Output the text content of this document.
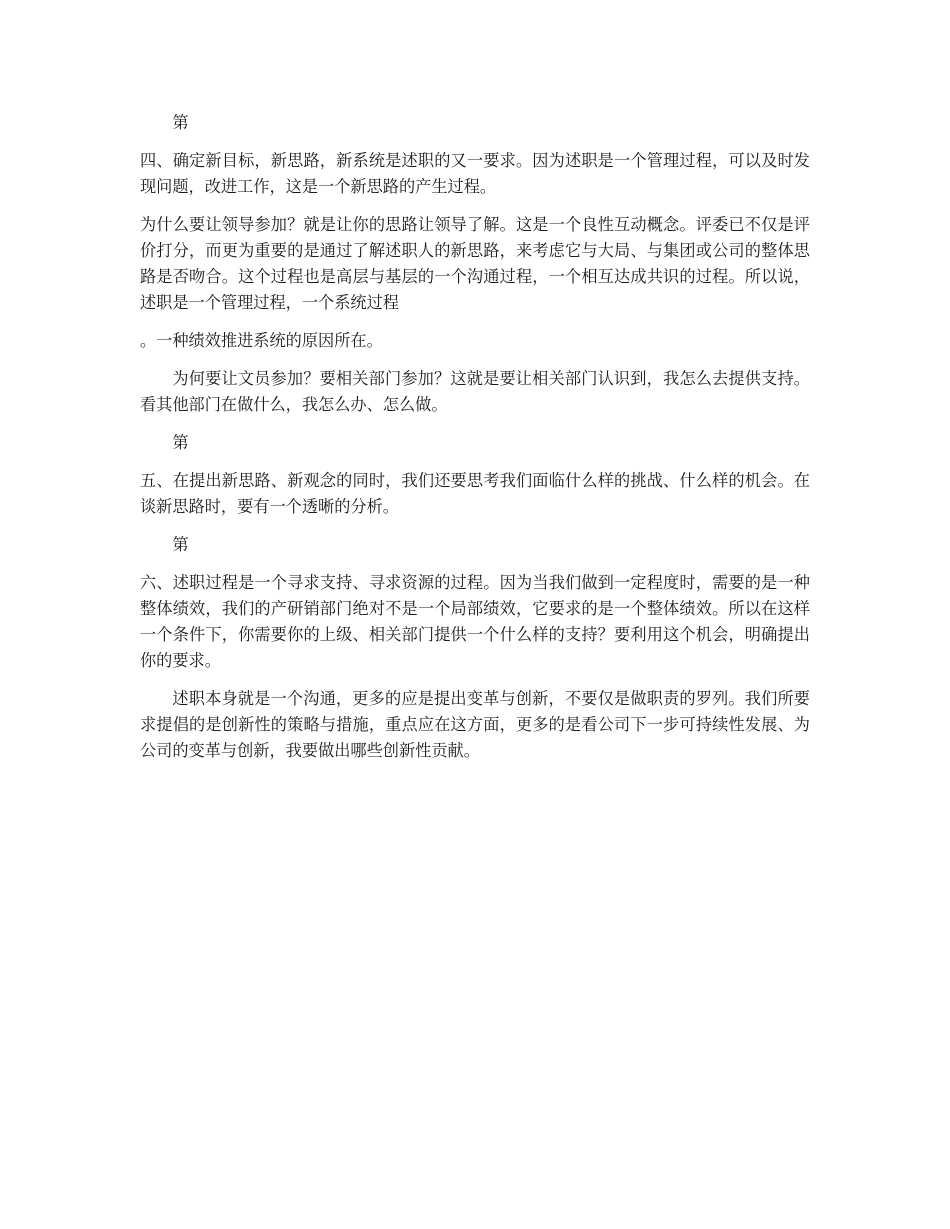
第

四、确定新目标，新思路，新系统是述职的又一要求。因为述职是一个管理过程，可以及时发现问题，改进工作，这是一个新思路的产生过程。

为什么要让领导参加？就是让你的思路让领导了解。这是一个良性互动概念。评委已不仅是评价打分，而更为重要的是通过了解述职人的新思路，来考虑它与大局、与集团或公司的整体思路是否吻合。这个过程也是高层与基层的一个沟通过程，一个相互达成共识的过程。所以说，述职是一个管理过程，一个系统过程

。一种绩效推进系统的原因所在。

为何要让文员参加？要相关部门参加？这就是要让相关部门认识到，我怎么去提供支持。看其他部门在做什么，我怎么办、怎么做。

第

五、在提出新思路、新观念的同时，我们还要思考我们面临什么样的挑战、什么样的机会。在谈新思路时，要有一个透晰的分析。

第

六、述职过程是一个寻求支持、寻求资源的过程。因为当我们做到一定程度时，需要的是一种整体绩效，我们的产研销部门绝对不是一个局部绩效，它要求的是一个整体绩效。所以在这样一个条件下，你需要你的上级、相关部门提供一个什么样的支持？要利用这个机会，明确提出你的要求。

述职本身就是一个沟通，更多的应是提出变革与创新，不要仅是做职责的罗列。我们所要求提倡的是创新性的策略与措施，重点应在这方面，更多的是看公司下一步可持续性发展、为公司的变革与创新，我要做出哪些创新性贡献。
